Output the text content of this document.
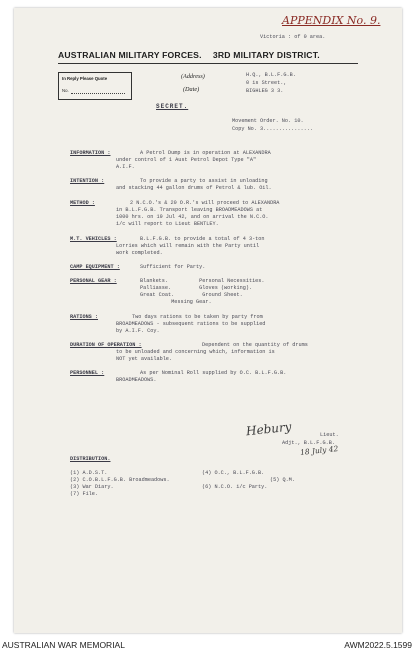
APPENDIX No. 9.
Victoria : of 0 area.
AUSTRALIAN MILITARY FORCES. 3RD MILITARY DISTRICT.
In Reply Please Quote
No.
(Address)
(Date)
H.Q., B.L.F.G.B.
0 is Street.,
BIGHLEG 3 3.
SECRET.
Movement Order. No. 10.
Copy No. 3................
INFORMATION :	A Petrol Dump is in operation at ALEXANDRA
under control of 1 Aust Petrol Depot Type "A"
A.I.F.
INTENTION :	To provide a party to assist in unloading
and stacking 44 gallon drums of Petrol & lub. Oil.
METHOD :	2 N.C.O.'s & 20 O.R.'s will proceed to ALEXANDRA
in B.L.F.G.B. Transport leaving BROADMEADOWS at
1000 hrs. on 19 Jul 42, and on arrival the N.C.O.
i/c will report to Lieut BENTLEY.
M.T. VEHICLES :	B.L.F.G.B. to provide a total of 4 3-ton
Lorries which will remain with the Party until
work completed.
CAMP EQUIPMENT :	Sufficient for Party.
PERSONAL GEAR :	Blankets.          Personal Necessities.
Palliasse.         Gloves (working).
Great Coat.         Ground Sheet.
Messing Gear.
RATIONS :	Two days rations to be taken by party from
BROADMEADOWS - subsequent rations to be supplied
by A.I.F. Coy.
DURATION OF OPERATION :	Dependent on the quantity of drums
to be unloaded and concerning which, information is
NOT yet available.
PERSONNEL :	As per Nominal Roll supplied by O.C. B.L.F.G.B.
BROADMEADOWS.
Hebury	Lieut.
Adjt., B.L.F.G.B.
18 July 42
DISTRIBUTION.
(1) A.D.S.T.
(2) C.O.B.L.F.G.B. Broadmeadows.
(3) War Diary.
(7) File.
(4) O.C., B.L.F.G.B.
(5) Q.M.
(6) N.C.O. i/c Party.
AUSTRALIAN WAR MEMORIAL	AWM2022.5.1599
